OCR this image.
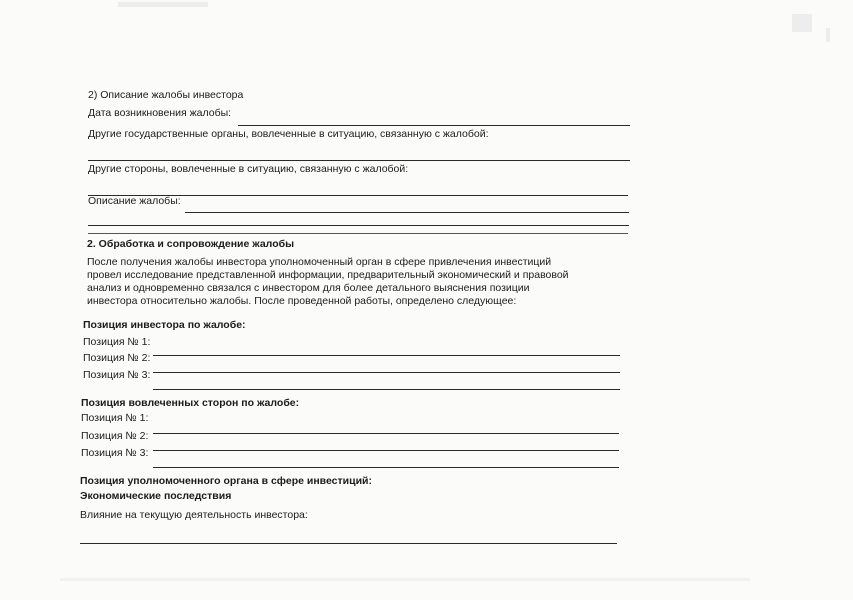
2) Описание жалобы инвестора
Дата возникновения жалобы:
Другие государственные органы, вовлеченные в ситуацию, связанную с жалобой:
Другие стороны, вовлеченные в ситуацию, связанную с жалобой:
Описание жалобы:
2. Обработка и сопровождение жалобы
После получения жалобы инвестора уполномоченный орган в сфере привлечения инвестиций
провел исследование представленной информации, предварительный экономический и правовой
анализ и одновременно связался с инвестором для более детального выяснения позиции
инвестора относительно жалобы. После проведенной работы, определено следующее:
Позиция инвестора по жалобе:
Позиция № 1:
Позиция № 2:
Позиция № 3:
Позиция вовлеченных сторон по жалобе:
Позиция № 1:
Позиция № 2:
Позиция № 3:
Позиция уполномоченного органа в сфере инвестиций:
Экономические последствия
Влияние на текущую деятельность инвестора:
